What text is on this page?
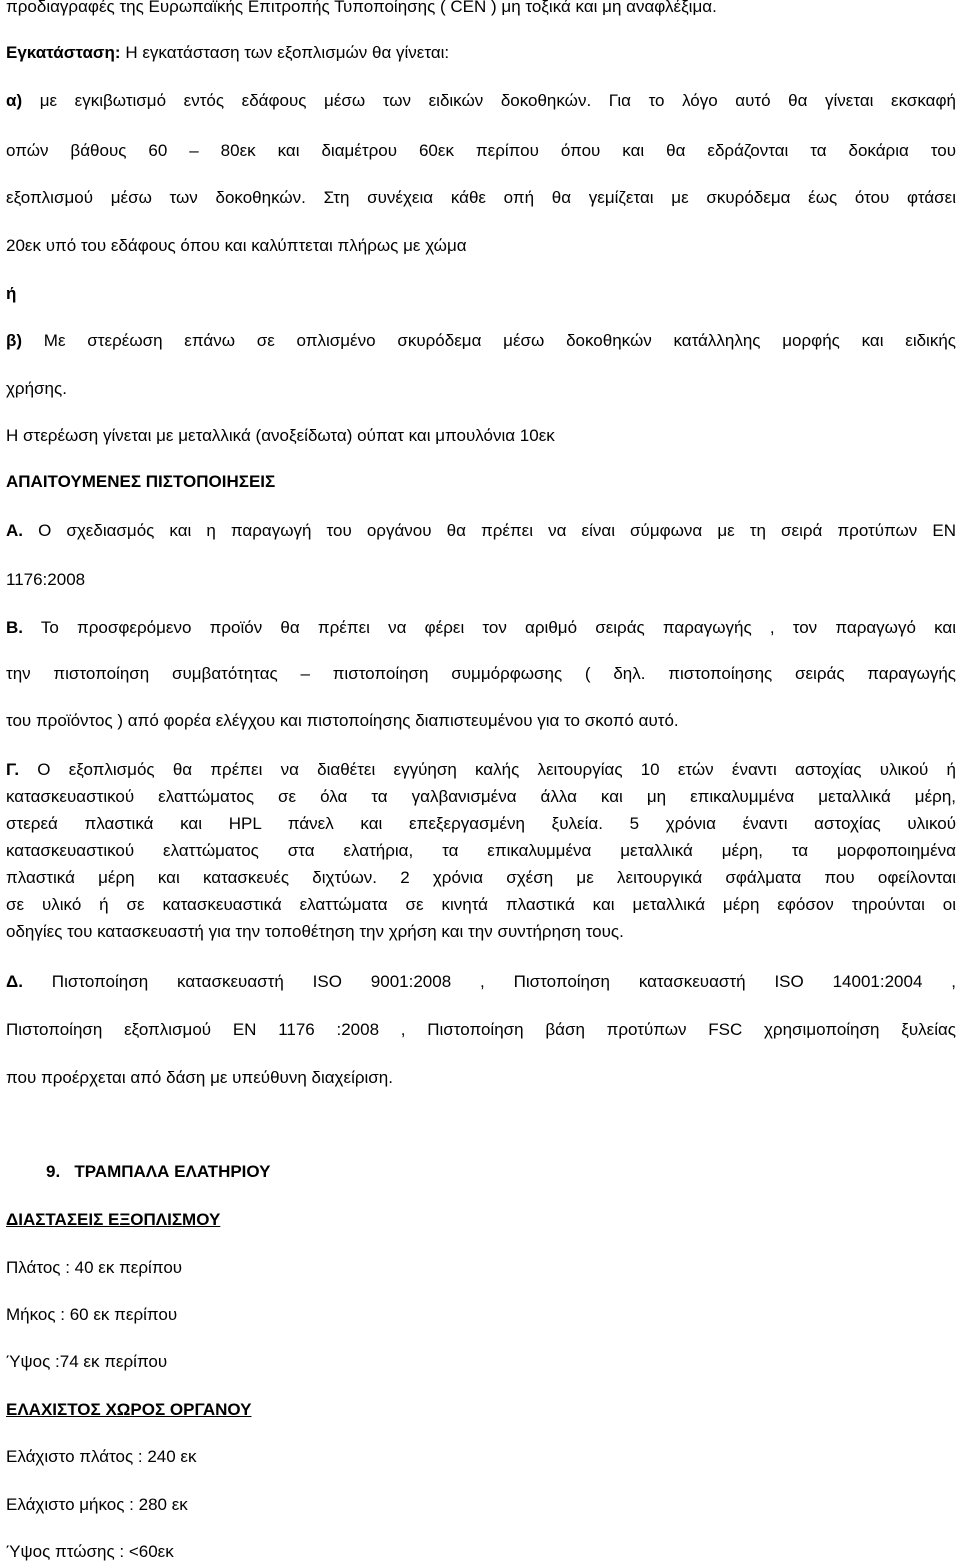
προδιαγραφές της Ευρωπαϊκής Επιτροπής Τυποποίησης ( CEN ) μη τοξικά και μη αναφλέξιμα.
Εγκατάσταση: Η εγκατάσταση των εξοπλισμών θα γίνεται:
α) με εγκιβωτισμό εντός εδάφους μέσω των ειδικών δοκοθηκών. Για το λόγο αυτό θα γίνεται εκσκαφή
οπών βάθους 60 – 80εκ και διαμέτρου 60εκ περίπου όπου και θα εδράζονται τα δοκάρια του
εξοπλισμού μέσω των δοκοθηκών. Στη συνέχεια κάθε οπή θα γεμίζεται με σκυρόδεμα έως ότου φτάσει
20εκ υπό του εδάφους όπου και καλύπτεται πλήρως με χώμα
ή
β) Με στερέωση επάνω σε οπλισμένο σκυρόδεμα μέσω δοκοθηκών κατάλληλης μορφής και ειδικής
χρήσης.
Η στερέωση γίνεται με μεταλλικά (ανοξείδωτα) ούπατ και μπουλόνια 10εκ
ΑΠΑΙΤΟΥΜΕΝΕΣ ΠΙΣΤΟΠΟΙΗΣΕΙΣ
Α. Ο σχεδιασμός και η παραγωγή του οργάνου θα πρέπει να είναι σύμφωνα με τη σειρά προτύπων ΕΝ
1176:2008
Β. Το προσφερόμενο προϊόν θα πρέπει να φέρει τον αριθμό σειράς παραγωγής , τον παραγωγό και
την πιστοποίηση συμβατότητας – πιστοποίηση συμμόρφωσης ( δηλ. πιστοποίησης σειράς παραγωγής
του προϊόντος ) από φορέα ελέγχου και πιστοποίησης διαπιστευμένου για το σκοπό αυτό.
Γ. Ο εξοπλισμός θα πρέπει να διαθέτει εγγύηση καλής λειτουργίας 10 ετών έναντι αστοχίας υλικού ή
κατασκευαστικού ελαττώματος σε όλα τα γαλβανισμένα άλλα και μη επικαλυμμένα μεταλλικά μέρη,
στερεά πλαστικά και HPL πάνελ και επεξεργασμένη ξυλεία. 5 χρόνια έναντι αστοχίας υλικού
κατασκευαστικού ελαττώματος στα ελατήρια, τα επικαλυμμένα μεταλλικά μέρη, τα μορφοποιημένα
πλαστικά μέρη και κατασκευές διχτύων. 2 χρόνια σχέση με λειτουργικά σφάλματα που οφείλονται
σε υλικό ή σε κατασκευαστικά ελαττώματα σε κινητά πλαστικά και μεταλλικά μέρη εφόσον τηρούνται οι
οδηγίες του κατασκευαστή για την τοποθέτηση την χρήση και την συντήρηση τους.
Δ. Πιστοποίηση κατασκευαστή ISO 9001:2008 , Πιστοποίηση κατασκευαστή ISO 14001:2004 ,
Πιστοποίηση εξοπλισμού EN 1176 :2008 , Πιστοποίηση βάση προτύπων FSC χρησιμοποίηση ξυλείας
που προέρχεται από δάση με υπεύθυνη διαχείριση.
9.   ΤΡΑΜΠΑΛΑ ΕΛΑΤΗΡΙΟΥ
ΔΙΑΣΤΑΣΕΙΣ ΕΞΟΠΛΙΣΜΟΥ
Πλάτος : 40 εκ περίπου
Μήκος : 60 εκ περίπου
Ύψος :74 εκ περίπου
ΕΛΑΧΙΣΤΟΣ ΧΩΡΟΣ ΟΡΓΑΝΟΥ
Ελάχιστο πλάτος : 240 εκ
Ελάχιστο μήκος : 280 εκ
Ύψος πτώσης : <60εκ
